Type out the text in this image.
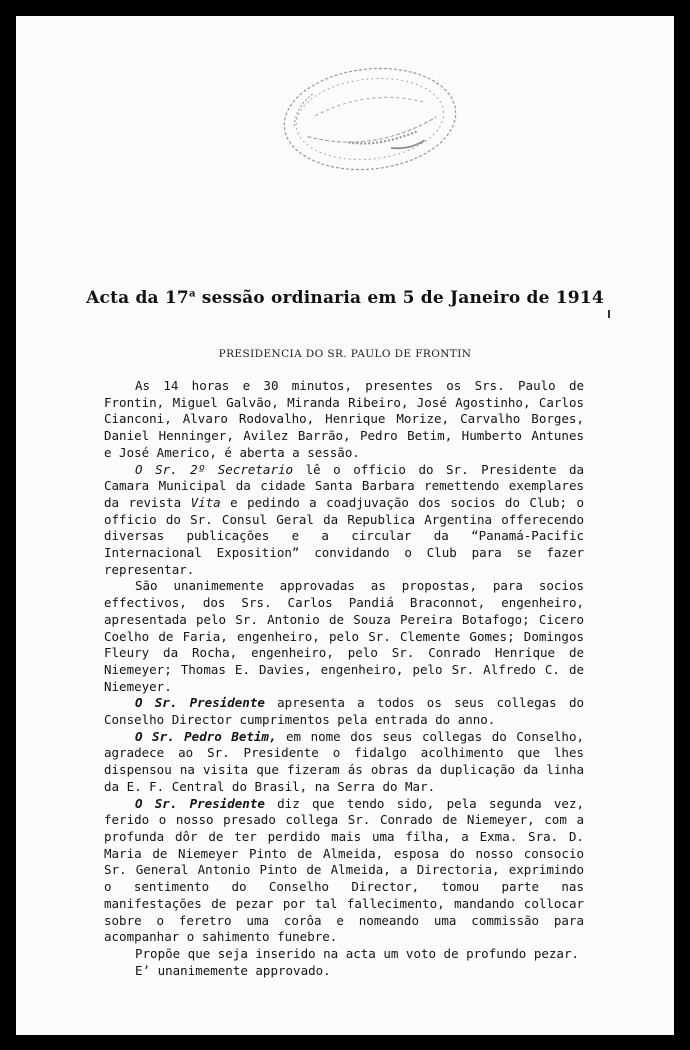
Acta da 17$^a$ sessão ordinaria em 5 de Janeiro de 1914
PRESIDENCIA DO SR. PAULO DE FRONTIN

As 14 horas e 30 minutos, presentes os Srs. Paulo de Frontin, Miguel Galvão, Miranda Ribeiro, José Agostinho, Carlos Cianconi, Alvaro Rodovalho, Henrique Morize, Carvalho Borges, Daniel Henninger, Avilez Barrão, Pedro Betim, Humberto Antunes e José Americo, é aberta a sessão.

O Sr. 2º Secretario lê o officio do Sr. Presidente da Camara Municipal da cidade Santa Barbara remettendo exemplares da revista Vita e pedindo a coadjuvação dos socios do Club; o officio do Sr. Consul Geral da Republica Argentina offerecendo diversas publicações e a circular da “Panamá-Pacific Internacional Exposition” convidando o Club para se fazer representar.

São unanimemente approvadas as propostas, para socios effectivos, dos Srs. Carlos Pandiá Braconnot, engenheiro, apresentada pelo Sr. Antonio de Souza Pereira Botafogo; Cicero Coelho de Faria, engenheiro, pelo Sr. Clemente Gomes; Domingos Fleury da Rocha, engenheiro, pelo Sr. Conrado Henrique de Niemeyer; Thomas E. Davies, engenheiro, pelo Sr. Alfredo C. de Niemeyer.

O Sr. Presidente apresenta a todos os seus collegas do Conselho Director cumprimentos pela entrada do anno.

O Sr. Pedro Betim, em nome dos seus collegas do Conselho, agradece ao Sr. Presidente o fidalgo acolhimento que lhes dispensou na visita que fizeram ás obras da duplicação da linha da E. F. Central do Brasil, na Serra do Mar.

O Sr. Presidente diz que tendo sido, pela segunda vez, ferido o nosso presado collega Sr. Conrado de Niemeyer, com a profunda dôr de ter perdido mais uma filha, a Exma. Sra. D. Maria de Niemeyer Pinto de Almeida, esposa do nosso consocio Sr. General Antonio Pinto de Almeida, a Directoria, exprimindo o sentimento do Conselho Director, tomou parte nas manifestações de pezar por tal fallecimento, mandando collocar sobre o feretro uma corôa e nomeando uma commissão para acompanhar o sahimento funebre.

Propõe que seja inserido na acta um voto de profundo pezar.

E’ unanimemente approvado.
